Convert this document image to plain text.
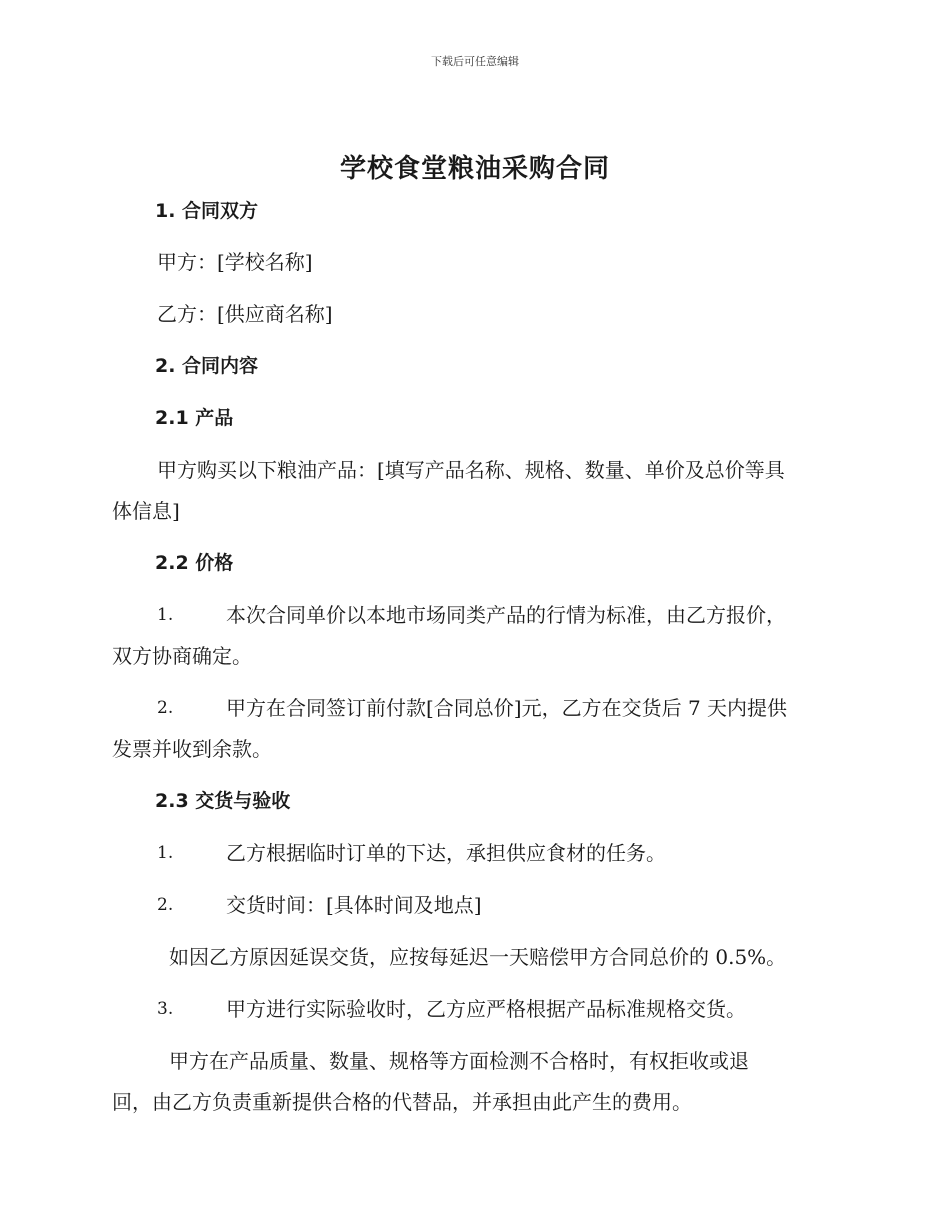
下载后可任意编辑
学校食堂粮油采购合同
1. 合同双方
甲方：[学校名称]
乙方：[供应商名称]
2. 合同内容
2.1 产品
甲方购买以下粮油产品：[填写产品名称、规格、数量、单价及总价等具
体信息]
2.2 价格
1.	本次合同单价以本地市场同类产品的行情为标准，由乙方报价，
双方协商确定。
2.	甲方在合同签订前付款[合同总价]元，乙方在交货后 7 天内提供
发票并收到余款。
2.3 交货与验收
1.	乙方根据临时订单的下达，承担供应食材的任务。
2.	交货时间：[具体时间及地点]
如因乙方原因延误交货，应按每延迟一天赔偿甲方合同总价的 0.5%。
3.	甲方进行实际验收时，乙方应严格根据产品标准规格交货。
甲方在产品质量、数量、规格等方面检测不合格时，有权拒收或退
回，由乙方负责重新提供合格的代替品，并承担由此产生的费用。
